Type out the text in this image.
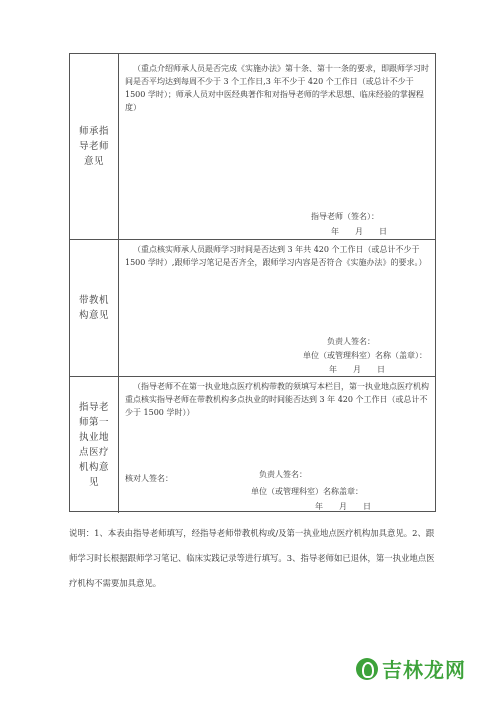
师承指导老师意见
（重点介绍师承人员是否完成《实施办法》第十条、第十一条的要求，即跟师学习时间是否平均达到每周不少于 3 个工作日,3 年不少于 420 个工作日（或总计不少于 1500 学时）；师承人员对中医经典著作和对指导老师的学术思想、临床经验的掌握程度）
指导老师（签名）：
年　　月　　日
带教机构意见
（重点核实师承人员跟师学习时间是否达到 3 年共 420 个工作日（或总计不少于 1500 学时）,跟师学习笔记是否齐全，跟师学习内容是否符合《实施办法》的要求。）
负责人签名：
单位（或管理科室）名称（盖章）：
年　　月　　日
指导老师第一执业地点医疗机构意见
（指导老师不在第一执业地点医疗机构带教的须填写本栏目，第一执业地点医疗机构重点核实指导老师在带教机构多点执业的时间能否达到 3 年 420 个工作日（或总计不少于 1500 学时））
核对人签名：	负责人签名：
单位（或管理科室）名称盖章：
年　　月　　日
说明：1、本表由指导老师填写，经指导老师带教机构或/及第一执业地点医疗机构加具意见。2、跟师学习时长根据跟师学习笔记、临床实践记录等进行填写。3、指导老师如已退休，第一执业地点医疗机构不需要加具意见。
吉林龙网
